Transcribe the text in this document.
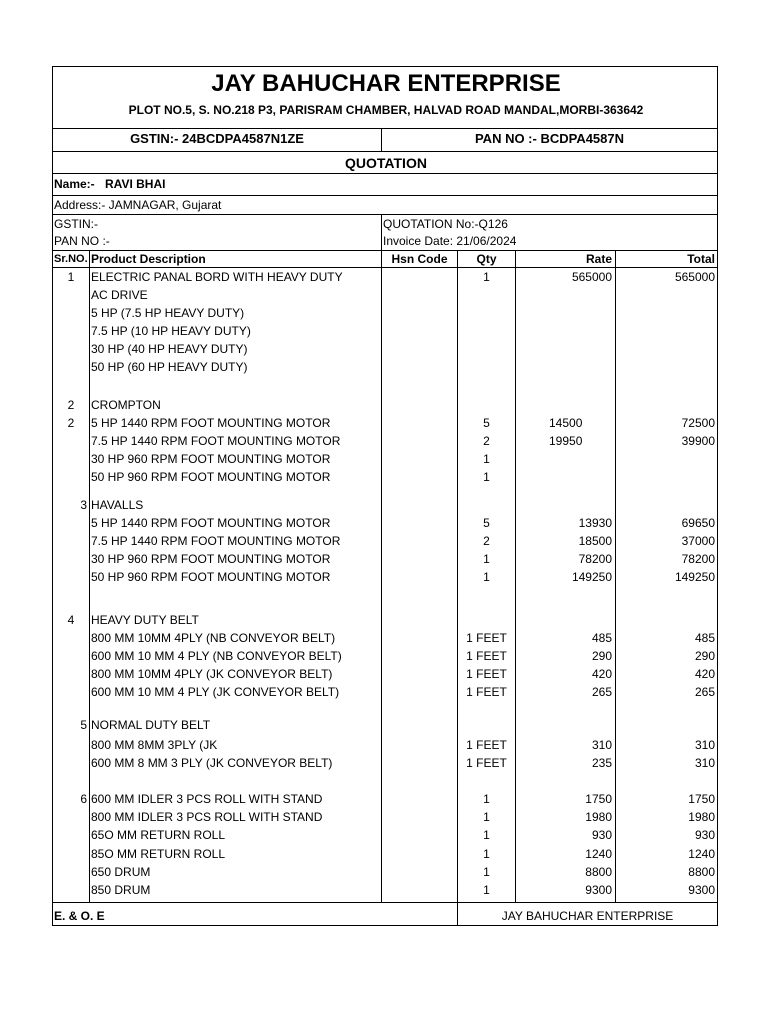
JAY BAHUCHAR ENTERPRISE
PLOT NO.5, S. NO.218 P3, PARISRAM CHAMBER, HALVAD ROAD MANDAL,MORBI-363642
GSTIN:- 24BCDPA4587N1ZE	PAN NO :- BCDPA4587N
QUOTATION
Name:- RAVI BHAI
Address:- JAMNAGAR, Gujarat
GSTIN:-
PAN NO :-
QUOTATION No:-Q126
Invoice Date: 21/06/2024
Sr.NO. Product Description	Hsn Code	Qty	Rate	Total
1	ELECTRIC PANAL BORD WITH HEAVY DUTY	1	565000	565000
AC DRIVE
5 HP (7.5 HP HEAVY DUTY)
7.5 HP (10 HP HEAVY DUTY)
30 HP (40 HP HEAVY DUTY)
50 HP (60 HP HEAVY DUTY)
2	CROMPTON
2	5 HP 1440 RPM FOOT MOUNTING MOTOR	5	14500	72500
7.5 HP 1440 RPM FOOT MOUNTING MOTOR	2	19950	39900
30 HP 960 RPM FOOT MOUNTING MOTOR	1
50 HP 960 RPM FOOT MOUNTING MOTOR	1
3 HAVALLS
5 HP 1440 RPM FOOT MOUNTING MOTOR	5	13930	69650
7.5 HP 1440 RPM FOOT MOUNTING MOTOR	2	18500	37000
30 HP 960 RPM FOOT MOUNTING MOTOR	1	78200	78200
50 HP 960 RPM FOOT MOUNTING MOTOR	1	149250	149250
4	HEAVY DUTY BELT
800 MM 10MM 4PLY (NB CONVEYOR BELT)	1 FEET	485	485
600 MM 10 MM 4 PLY (NB CONVEYOR BELT)	1 FEET	290	290
800 MM 10MM 4PLY (JK CONVEYOR BELT)	1 FEET	420	420
600 MM 10 MM 4 PLY (JK CONVEYOR BELT)	1 FEET	265	265
5 NORMAL DUTY BELT
800 MM 8MM 3PLY (JK	1 FEET	310	310
600 MM 8 MM 3 PLY (JK CONVEYOR BELT)	1 FEET	235	310
6 600 MM IDLER 3 PCS ROLL WITH STAND	1	1750	1750
800 MM IDLER 3 PCS ROLL WITH STAND	1	1980	1980
65O MM RETURN ROLL	1	930	930
85O MM RETURN ROLL	1	1240	1240
650 DRUM	1	8800	8800
850 DRUM	1	9300	9300
E. & O. E	JAY BAHUCHAR ENTERPRISE
